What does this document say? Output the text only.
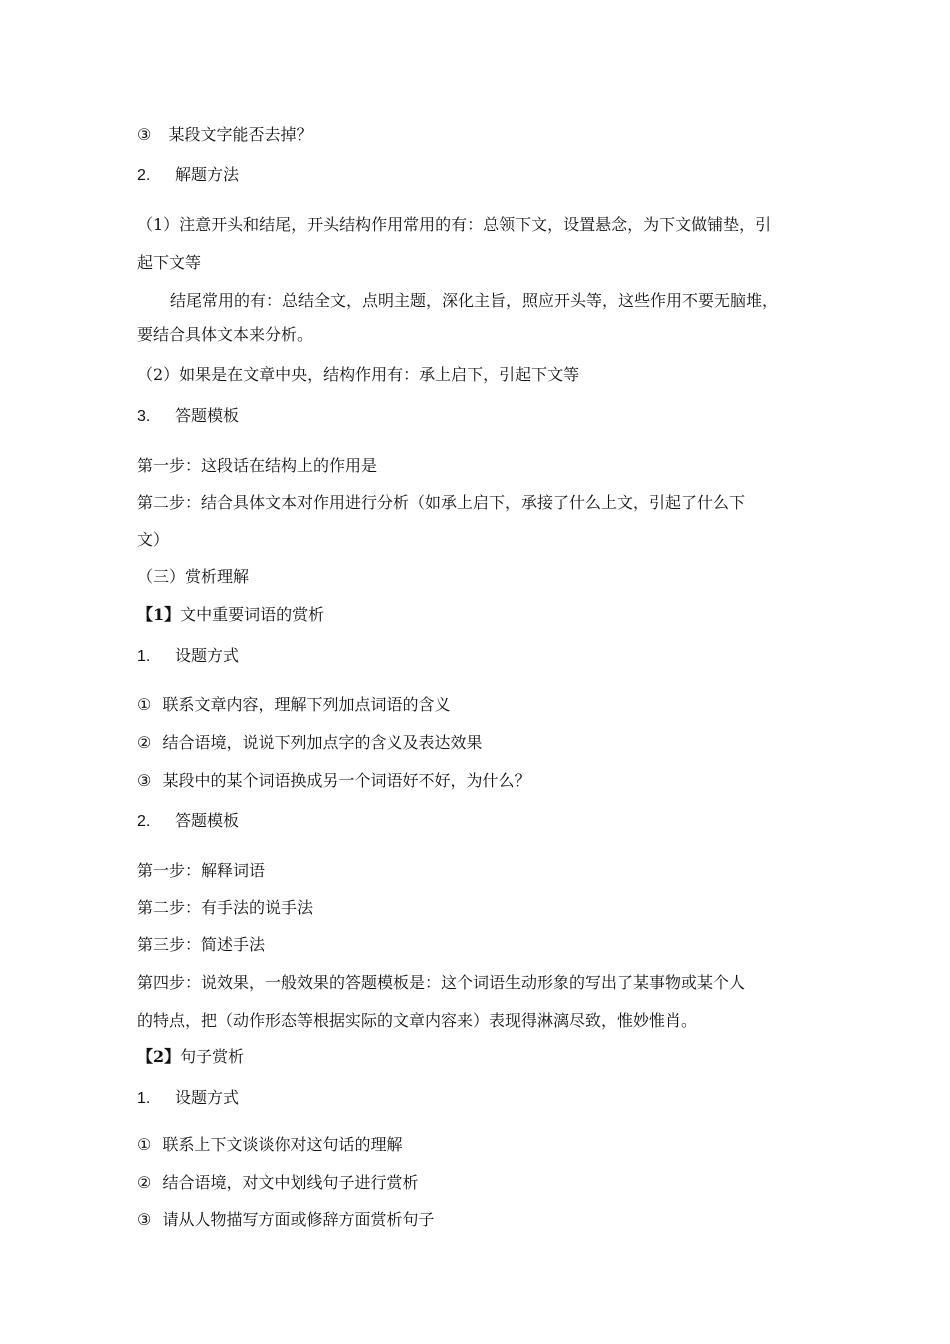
③ 某段文字能否去掉？
2. 解题方法
（1）注意开头和结尾，开头结构作用常用的有：总领下文，设置悬念，为下文做铺垫，引
起下文等
结尾常用的有：总结全文，点明主题，深化主旨，照应开头等，这些作用不要无脑堆，
要结合具体文本来分析。
（2）如果是在文章中央，结构作用有：承上启下，引起下文等
3. 答题模板
第一步：这段话在结构上的作用是
第二步：结合具体文本对作用进行分析（如承上启下，承接了什么上文，引起了什么下
文）
（三）赏析理解
【1】文中重要词语的赏析
1. 设题方式
① 联系文章内容，理解下列加点词语的含义
② 结合语境，说说下列加点字的含义及表达效果
③ 某段中的某个词语换成另一个词语好不好，为什么？
2. 答题模板
第一步：解释词语
第二步：有手法的说手法
第三步：简述手法
第四步：说效果，一般效果的答题模板是：这个词语生动形象的写出了某事物或某个人
的特点，把（动作形态等根据实际的文章内容来）表现得淋漓尽致，惟妙惟肖。
【2】句子赏析
1. 设题方式
① 联系上下文谈谈你对这句话的理解
② 结合语境，对文中划线句子进行赏析
③ 请从人物描写方面或修辞方面赏析句子
